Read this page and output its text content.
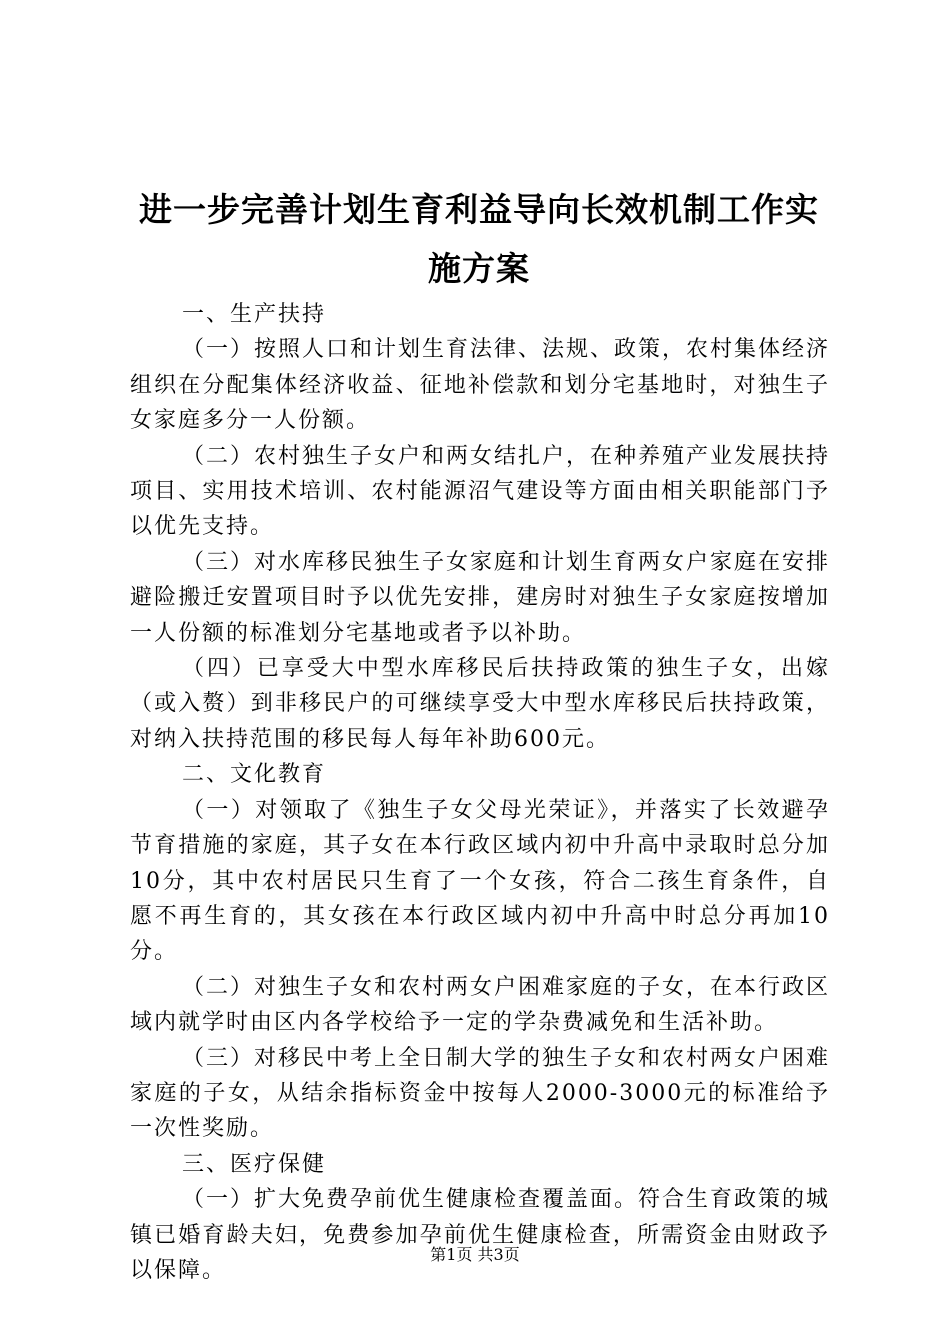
进一步完善计划生育利益导向长效机制工作实施方案

一、生产扶持

（一）按照人口和计划生育法律、法规、政策，农村集体经济组织在分配集体经济收益、征地补偿款和划分宅基地时，对独生子女家庭多分一人份额。

（二）农村独生子女户和两女结扎户，在种养殖产业发展扶持项目、实用技术培训、农村能源沼气建设等方面由相关职能部门予以优先支持。

（三）对水库移民独生子女家庭和计划生育两女户家庭在安排避险搬迁安置项目时予以优先安排，建房时对独生子女家庭按增加一人份额的标准划分宅基地或者予以补助。

（四）已享受大中型水库移民后扶持政策的独生子女，出嫁（或入赘）到非移民户的可继续享受大中型水库移民后扶持政策，对纳入扶持范围的移民每人每年补助600元。

二、文化教育

（一）对领取了《独生子女父母光荣证》，并落实了长效避孕节育措施的家庭，其子女在本行政区域内初中升高中录取时总分加10分，其中农村居民只生育了一个女孩，符合二孩生育条件，自愿不再生育的，其女孩在本行政区域内初中升高中时总分再加10分。

（二）对独生子女和农村两女户困难家庭的子女，在本行政区域内就学时由区内各学校给予一定的学杂费减免和生活补助。

（三）对移民中考上全日制大学的独生子女和农村两女户困难家庭的子女，从结余指标资金中按每人2000-3000元的标准给予一次性奖励。

三、医疗保健

（一）扩大免费孕前优生健康检查覆盖面。符合生育政策的城镇已婚育龄夫妇，免费参加孕前优生健康检查，所需资金由财政予以保障。

第1页 共3页
